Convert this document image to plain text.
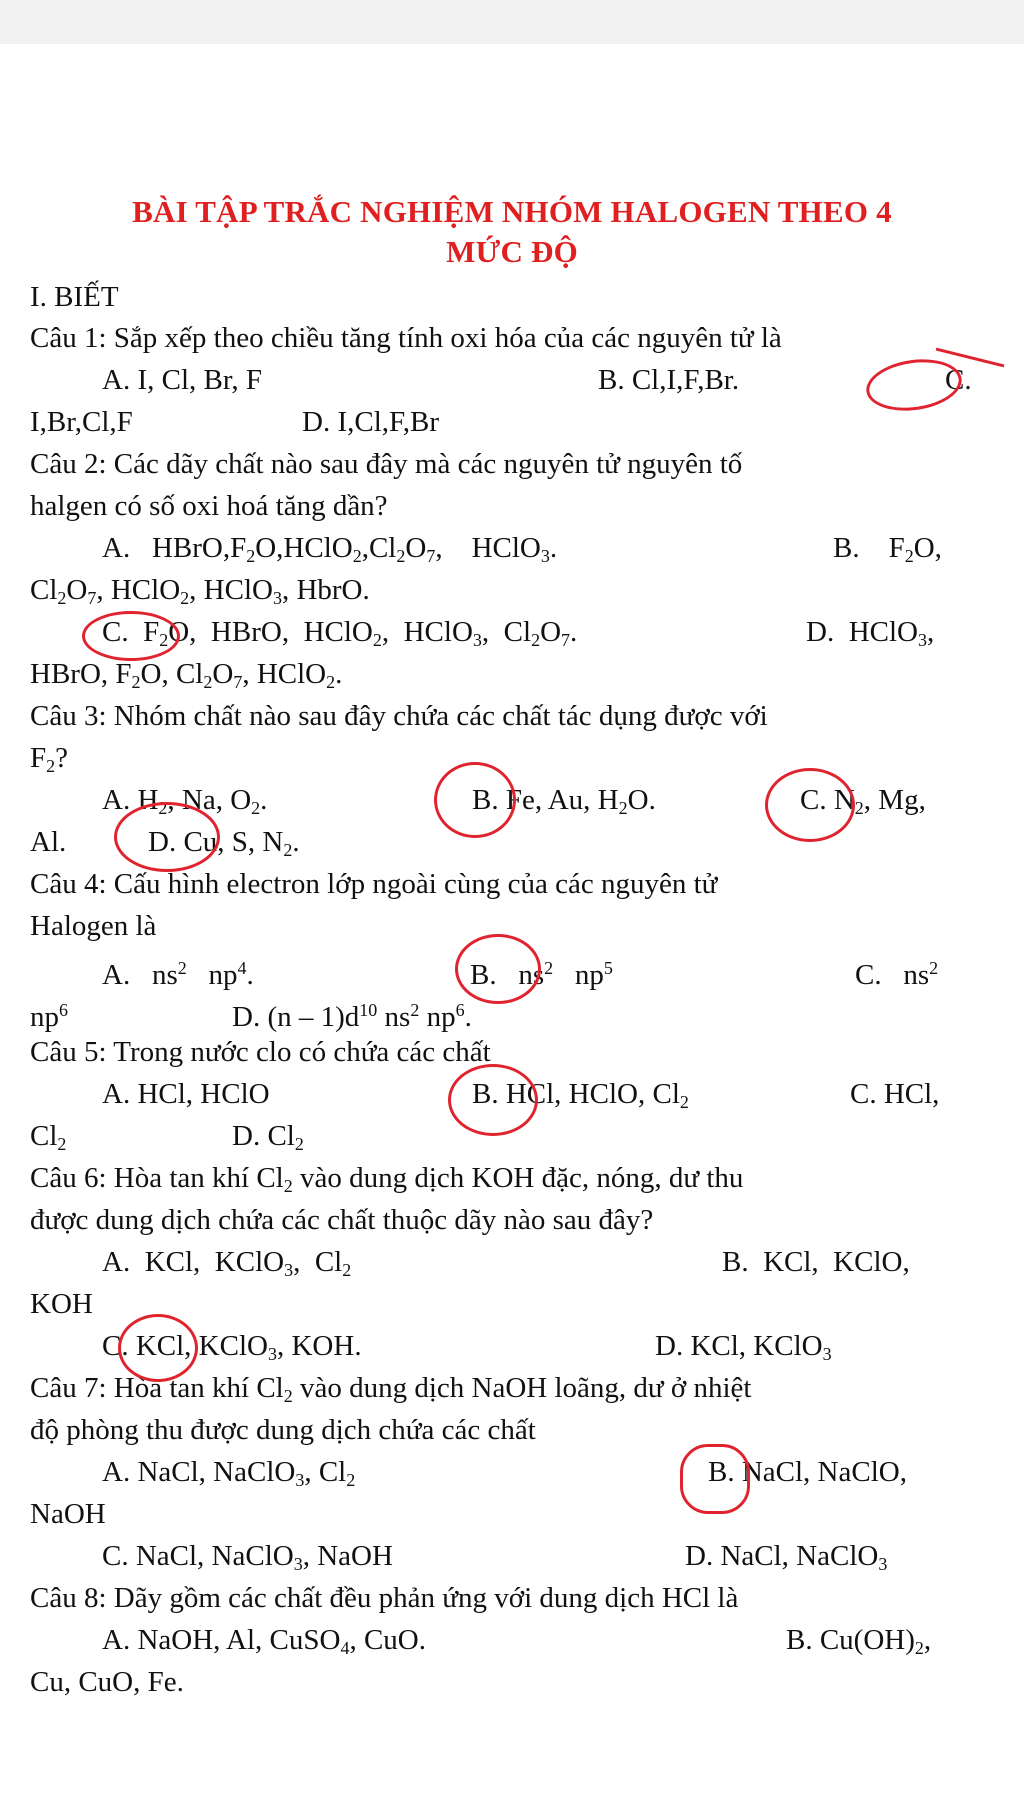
BÀI TẬP TRẮC NGHIỆM NHÓM HALOGEN THEO 4
MỨC ĐỘ
I. BIẾT
Câu 1: Sắp xếp theo chiều tăng tính oxi hóa của các nguyên tử là
A. I, Cl, Br, F	B. Cl,I,F,Br.	C.
I,Br,Cl,F	D. I,Cl,F,Br
Câu 2: Các dãy chất nào sau đây mà các nguyên tử nguyên tố
halgen có số oxi hoá tăng dần?
A.   $HBrO,F_2O,HClO_2,Cl_2O_7$,    HClO$_3$.	B.    $F_2O$,
$Cl_2O_7$, HClO$_2$, HClO$_3$, HbrO.
C.  $F_2O$,  HBrO,  HClO$_2$,  HClO$_3$,  $Cl_2O_7$.	D.  HClO$_3$,
HBrO, $F_2O$, $Cl_2O_7$, HClO$_2$.
Câu 3: Nhóm chất nào sau đây chứa các chất tác dụng được với
$F_2$?
A. $H_2$, Na, $O_2$.	B. Fe, Au, $H_2O$.	C. $N_2$, Mg,
Al.	D. Cu, S, $N_2$.
Câu 4: Cấu hình electron lớp ngoài cùng của các nguyên tử
Halogen là
A.   $ns^2$   $np^4$.	B.   $ns^2$   $np^5$	C.   $ns^2$
$np^6$	D. $(n - 1)d^{10}$ $ns^2$ $np^6$.
Câu 5: Trong nước clo có chứa các chất
A. HCl, HClO	B. HCl, HClO, $Cl_2$	C. HCl,
$Cl_2$	D. $Cl_2$
Câu 6: Hòa tan khí $Cl_2$ vào dung dịch KOH đặc, nóng, dư thu
được dung dịch chứa các chất thuộc dãy nào sau đây?
A.  KCl,  KClO$_3$,  $Cl_2$	B.  KCl,  KClO,
KOH
C. KCl, KClO$_3$, KOH.	D. KCl, KClO$_3$
Câu 7: Hòa tan khí $Cl_2$ vào dung dịch NaOH loãng, dư ở nhiệt
độ phòng thu được dung dịch chứa các chất
A. NaCl, NaClO$_3$, $Cl_2$	B. NaCl, NaClO,
NaOH
C. NaCl, NaClO$_3$, NaOH	D. NaCl, NaClO$_3$
Câu 8: Dãy gồm các chất đều phản ứng với dung dịch HCl là
A. NaOH, Al, CuSO$_4$, CuO.	B. $Cu(OH)_2$,
Cu, CuO, Fe.
